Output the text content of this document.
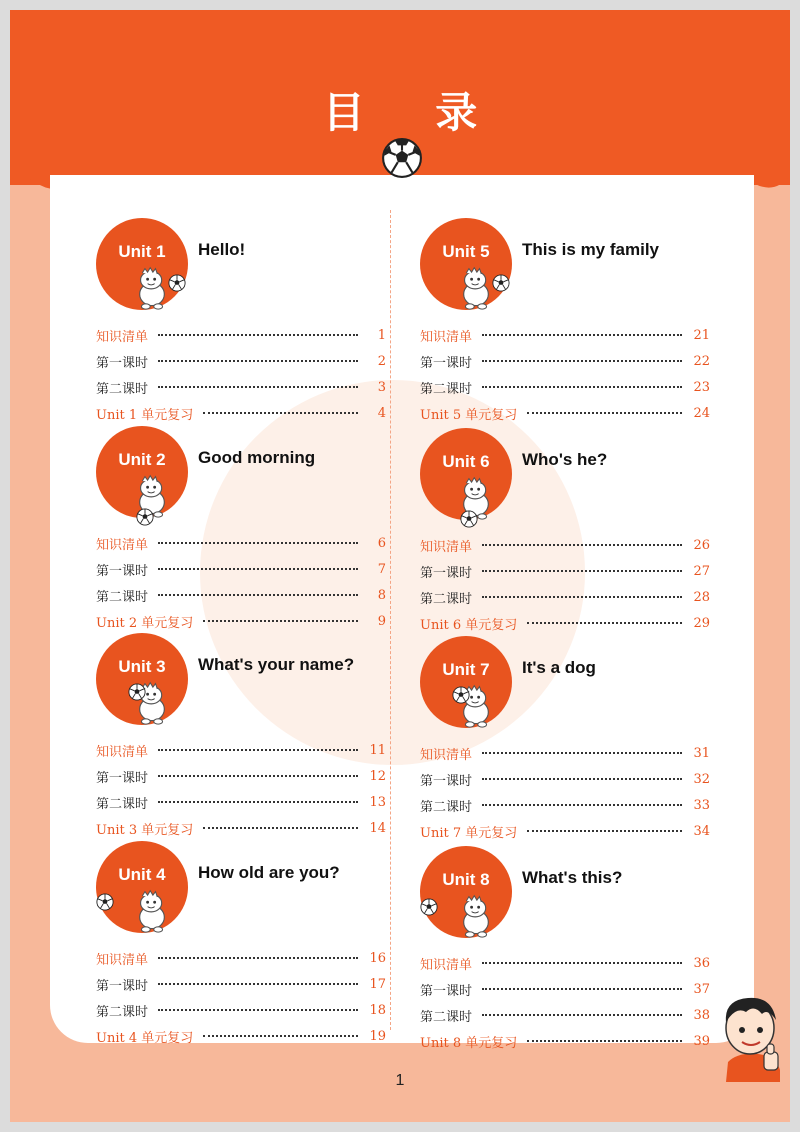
目 录
Unit 1	Hello!
知识清单	1
第一课时	2
第二课时	3
Unit 1 单元复习	4
Unit 2	Good morning
知识清单	6
第一课时	7
第二课时	8
Unit 2 单元复习	9
Unit 3	What's your name?
知识清单	11
第一课时	12
第二课时	13
Unit 3 单元复习	14
Unit 4	How old are you?
知识清单	16
第一课时	17
第二课时	18
Unit 4 单元复习	19
Unit 5	This is my family
知识清单	21
第一课时	22
第二课时	23
Unit 5 单元复习	24
Unit 6	Who's he?
知识清单	26
第一课时	27
第二课时	28
Unit 6 单元复习	29
Unit 7	It's a dog
知识清单	31
第一课时	32
第二课时	33
Unit 7 单元复习	34
Unit 8	What's this?
知识清单	36
第一课时	37
第二课时	38
Unit 8 单元复习	39
1
